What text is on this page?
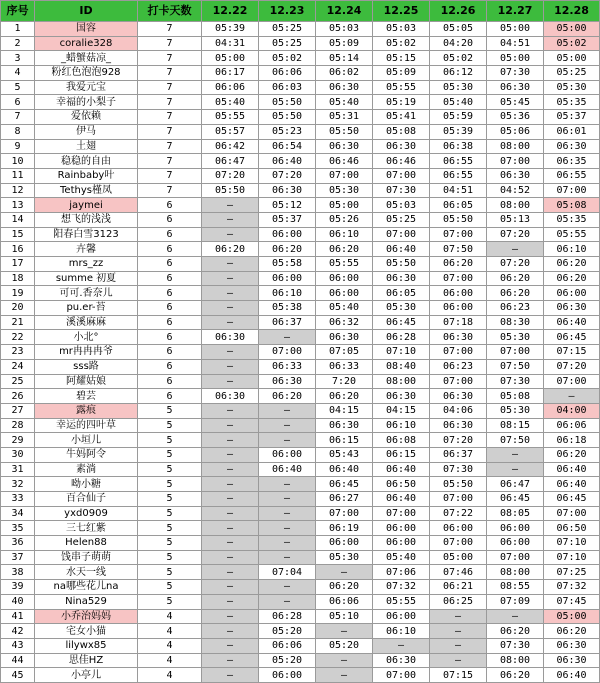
序号	ID	打卡天数	12.22	12.23	12.24	12.25	12.26	12.27	12.28
1	国容	7	05:39	05:25	05:03	05:03	05:05	05:00	05:00
2	coralie328	7	04:31	05:25	05:09	05:02	04:20	04:51	05:02
3	_蜡蟹菇凉_	7	05:00	05:02	05:14	05:15	05:02	05:00	05:00
4	粉红色泡泡928	7	06:17	06:06	06:02	05:09	06:12	07:30	05:25
5	我爱元宝	7	06:06	06:03	06:30	05:55	05:30	06:30	05:30
6	幸福的小梨子	7	05:40	05:50	05:40	05:19	05:40	05:45	05:35
7	爱依赖	7	05:55	05:50	05:31	05:41	05:59	05:36	05:37
8	伊马	7	05:57	05:23	05:50	05:08	05:39	05:06	06:01
9	土翅	7	06:42	06:54	06:30	06:30	06:38	08:00	06:30
10	稳稳的自由	7	06:47	06:40	06:46	06:46	06:55	07:00	06:35
11	Rainbaby叶	7	07:20	07:20	07:00	07:00	06:55	06:30	06:55
12	Tethys槿凤	7	05:50	06:30	05:30	07:30	04:51	04:52	07:00
13	jaymei	6	–	05:12	05:00	05:03	06:05	08:00	05:08
14	想飞的浅浅	6	–	05:37	05:26	05:25	05:50	05:13	05:35
15	阳春白雪3123	6	–	06:00	06:10	07:00	07:00	07:20	05:55
16	卉馨	6	06:20	06:20	06:20	06:40	07:50	–	06:10
17	mrs_zz	6	–	05:58	05:55	05:50	06:20	07:20	06:20
18	summe 初夏	6	–	06:00	06:00	06:30	07:00	06:20	06:20
19	可可.香奈儿	6	–	06:10	06:00	06:05	06:00	06:20	06:00
20	pu.er-苔	6	–	05:38	05:40	05:30	06:00	06:23	06:30
21	溪溪麻麻	6	–	06:37	06:32	06:45	07:18	08:30	06:40
22	小北°	6	06:30	–	06:30	06:28	06:30	05:30	06:45
23	mr冉冉冉爷	6	–	07:00	07:05	07:10	07:00	07:00	07:15
24	sss路	6	–	06:33	06:33	08:40	06:23	07:50	07:20
25	阿耀姑娘	6	–	06:30	7:20	08:00	07:00	07:30	07:00
26	碧芸	6	06:30	06:20	06:20	06:30	06:30	05:08	–
27	露痕	5	–	–	04:15	04:15	04:06	05:30	04:00
28	幸运的四叶草	5	–	–	06:30	06:10	06:30	08:15	06:06
29	小垣儿	5	–	–	06:15	06:08	07:20	07:50	06:18
30	牛妈阿令	5	–	06:00	05:43	06:15	06:37	–	06:20
31	素淌	5	–	06:40	06:40	06:40	07:30	–	06:40
32	呦小糖	5	–	–	06:45	06:50	05:50	06:47	06:40
33	百合仙子	5	–	–	06:27	06:40	07:00	06:45	06:45
34	yxd0909	5	–	–	07:00	07:00	07:22	08:05	07:00
35	三七红紫	5	–	–	06:19	06:00	06:00	06:00	06:50
36	Helen88	5	–	–	06:00	06:00	07:00	06:00	07:10
37	饯串子萌萌	5	–	–	05:30	05:40	05:00	07:00	07:10
38	水天一线	5	–	07:04	–	07:06	07:46	08:00	07:25
39	na哪些花儿na	5	–	–	06:20	07:32	06:21	08:55	07:32
40	Nina529	5	–	–	06:06	05:55	06:25	07:09	07:45
41	小乔治妈妈	4	–	06:28	05:10	06:00	–	–	05:00
42	宅女小猫	4	–	05:20	–	06:10	–	06:20	06:20
43	lilywx85	4	–	06:06	05:20	–	–	07:30	06:30
44	思佳HZ	4	–	05:20	–	06:30	–	08:00	06:30
45	小亭儿	4	–	06:00	–	07:00	07:15	06:20	06:40
